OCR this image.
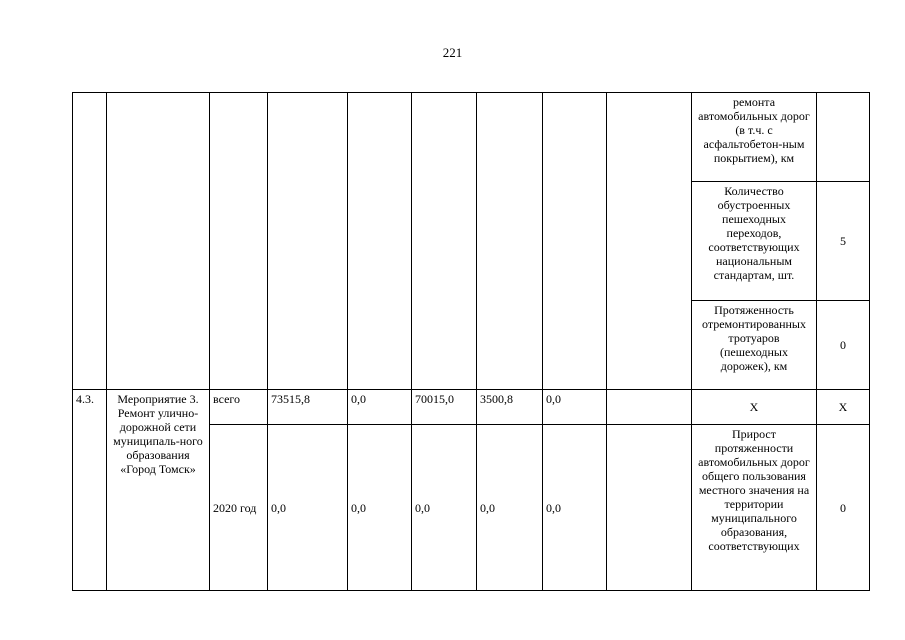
221
									ремонта автомобильных дорог (в т.ч. с асфальтобетон-ным покрытием), км	
									Количество обустроенных пешеходных переходов, соответствующих национальным стандартам, шт.	5
									Протяженность отремонтированных тротуаров (пешеходных дорожек), км	0
4.3.	Мероприятие 3. Ремонт улично-дорожной сети муниципаль-ного образования «Город Томск»	всего	73515,8	0,0	70015,0	3500,8	0,0		Х	Х
		2020 год	0,0	0,0	0,0	0,0	0,0		Прирост протяженности автомобильных дорог общего пользования местного значения на территории муниципального образования, соответствующих	0
